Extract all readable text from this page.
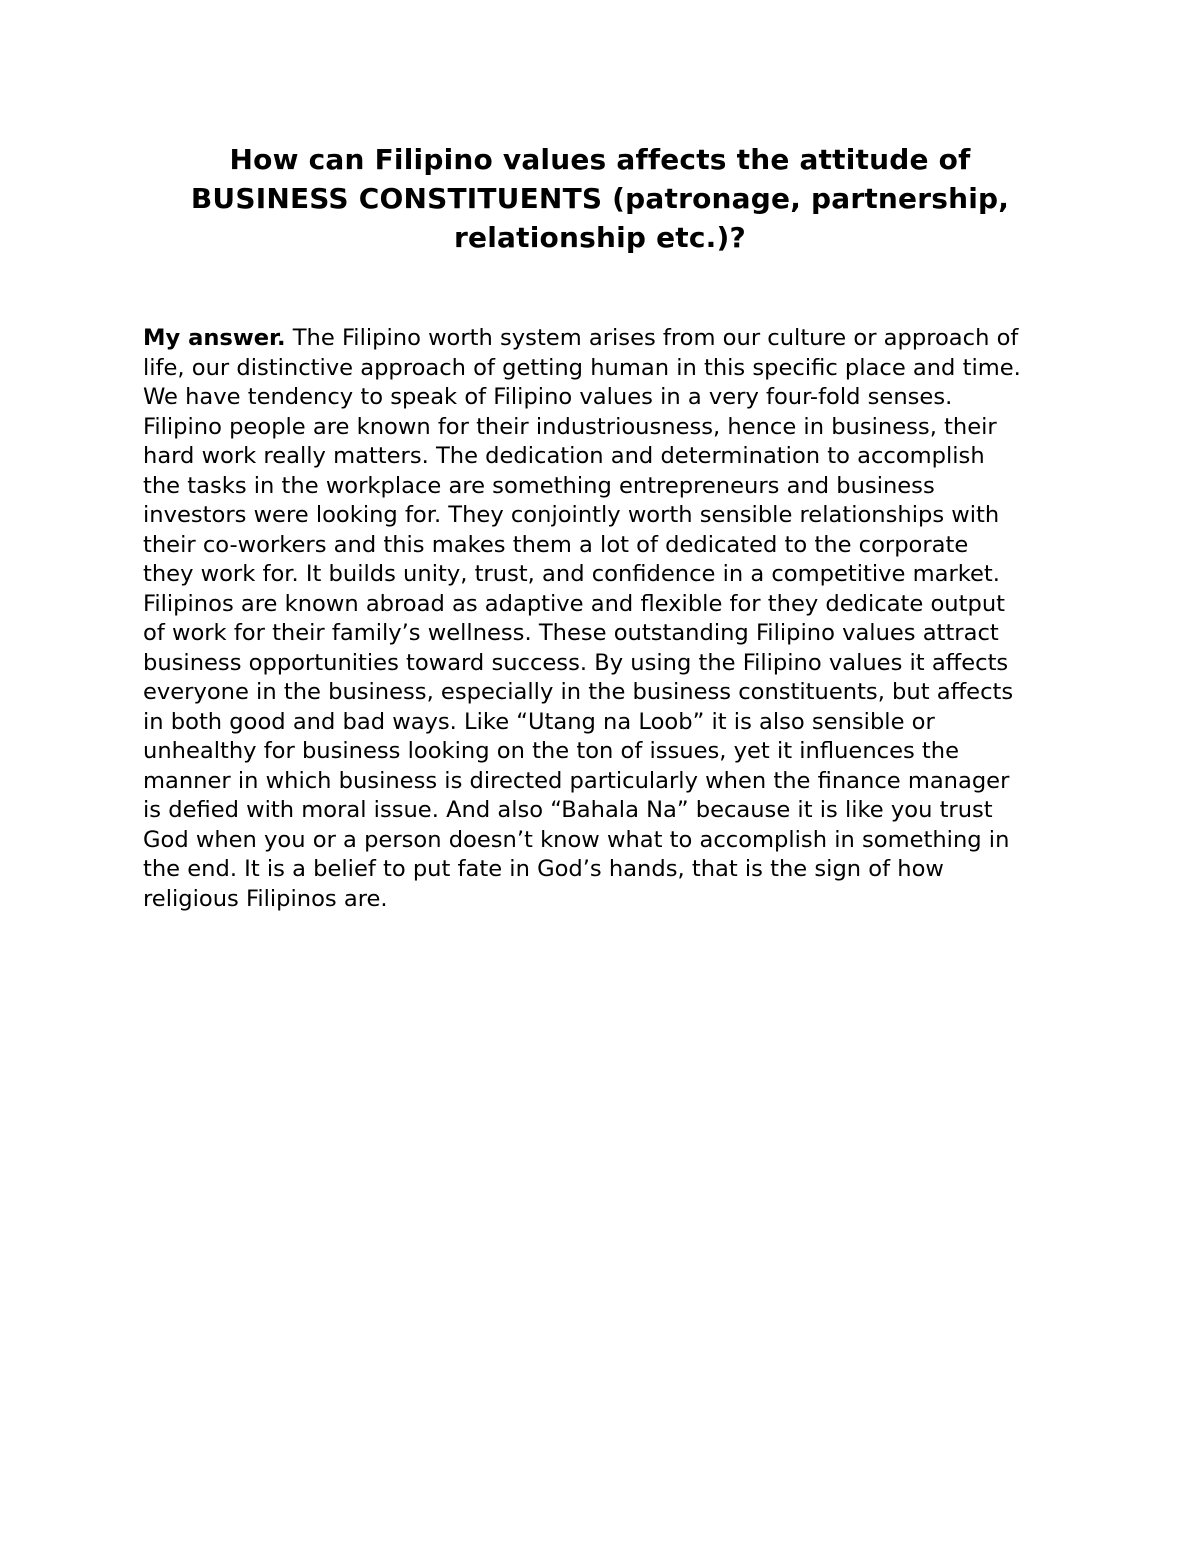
How can Filipino values affects the attitude of
BUSINESS CONSTITUENTS (patronage, partnership,
relationship etc.)?
My answer. The Filipino worth system arises from our culture or approach of
life, our distinctive approach of getting human in this specific place and time.
We have tendency to speak of Filipino values in a very four-fold senses.
Filipino people are known for their industriousness, hence in business, their
hard work really matters. The dedication and determination to accomplish
the tasks in the workplace are something entrepreneurs and business
investors were looking for. They conjointly worth sensible relationships with
their co-workers and this makes them a lot of dedicated to the corporate
they work for. It builds unity, trust, and confidence in a competitive market.
Filipinos are known abroad as adaptive and flexible for they dedicate output
of work for their family’s wellness. These outstanding Filipino values attract
business opportunities toward success. By using the Filipino values it affects
everyone in the business, especially in the business constituents, but affects
in both good and bad ways. Like “Utang na Loob” it is also sensible or
unhealthy for business looking on the ton of issues, yet it influences the
manner in which business is directed particularly when the finance manager
is defied with moral issue. And also “Bahala Na” because it is like you trust
God when you or a person doesn’t know what to accomplish in something in
the end. It is a belief to put fate in God’s hands, that is the sign of how
religious Filipinos are.
